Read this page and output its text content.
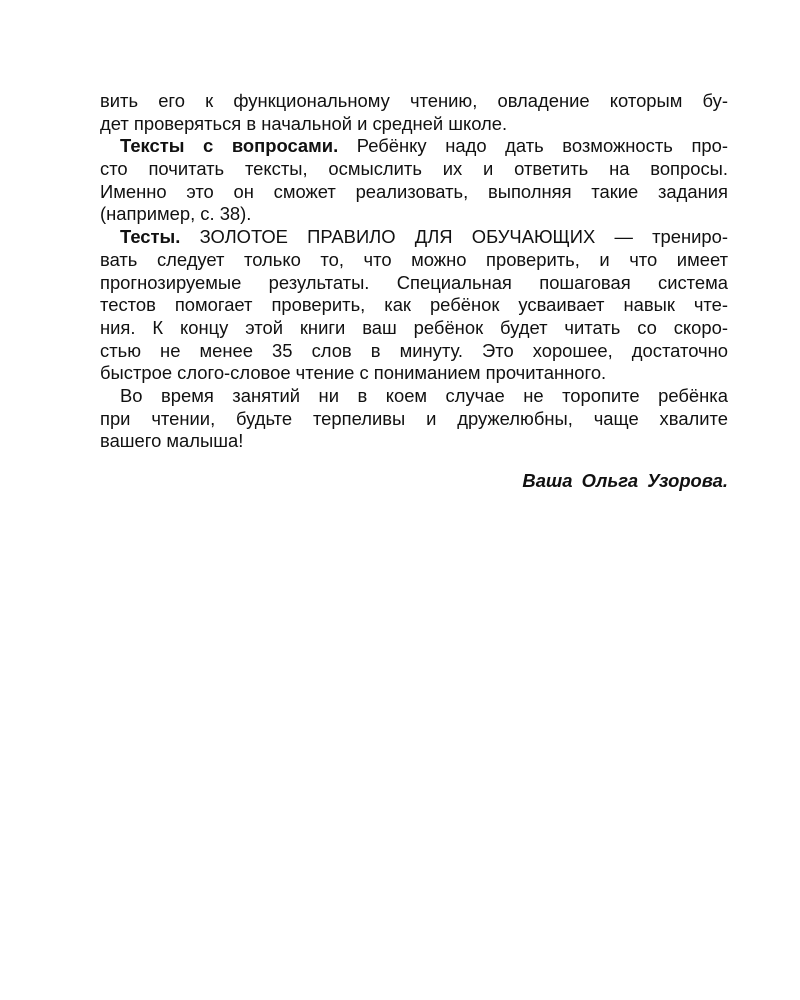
вить его к функциональному чтению, овладение которым бу-
дет проверяться в начальной и средней школе.
Тексты с вопросами. Ребёнку надо дать возможность про-
сто почитать тексты, осмыслить их и ответить на вопросы.
Именно это он сможет реализовать, выполняя такие задания
(например, с. 38).
Тесты. ЗОЛОТОЕ ПРАВИЛО ДЛЯ ОБУЧАЮЩИХ — трениро-
вать следует только то, что можно проверить, и что имеет
прогнозируемые результаты. Специальная пошаговая система
тестов помогает проверить, как ребёнок усваивает навык чте-
ния. К концу этой книги ваш ребёнок будет читать со скоро-
стью не менее 35 слов в минуту. Это хорошее, достаточно
быстрое слого-словое чтение с пониманием прочитанного.
Во время занятий ни в коем случае не торопите ребёнка
при чтении, будьте терпеливы и дружелюбны, чаще хвалите
вашего малыша!
Ваша Ольга Узорова.
